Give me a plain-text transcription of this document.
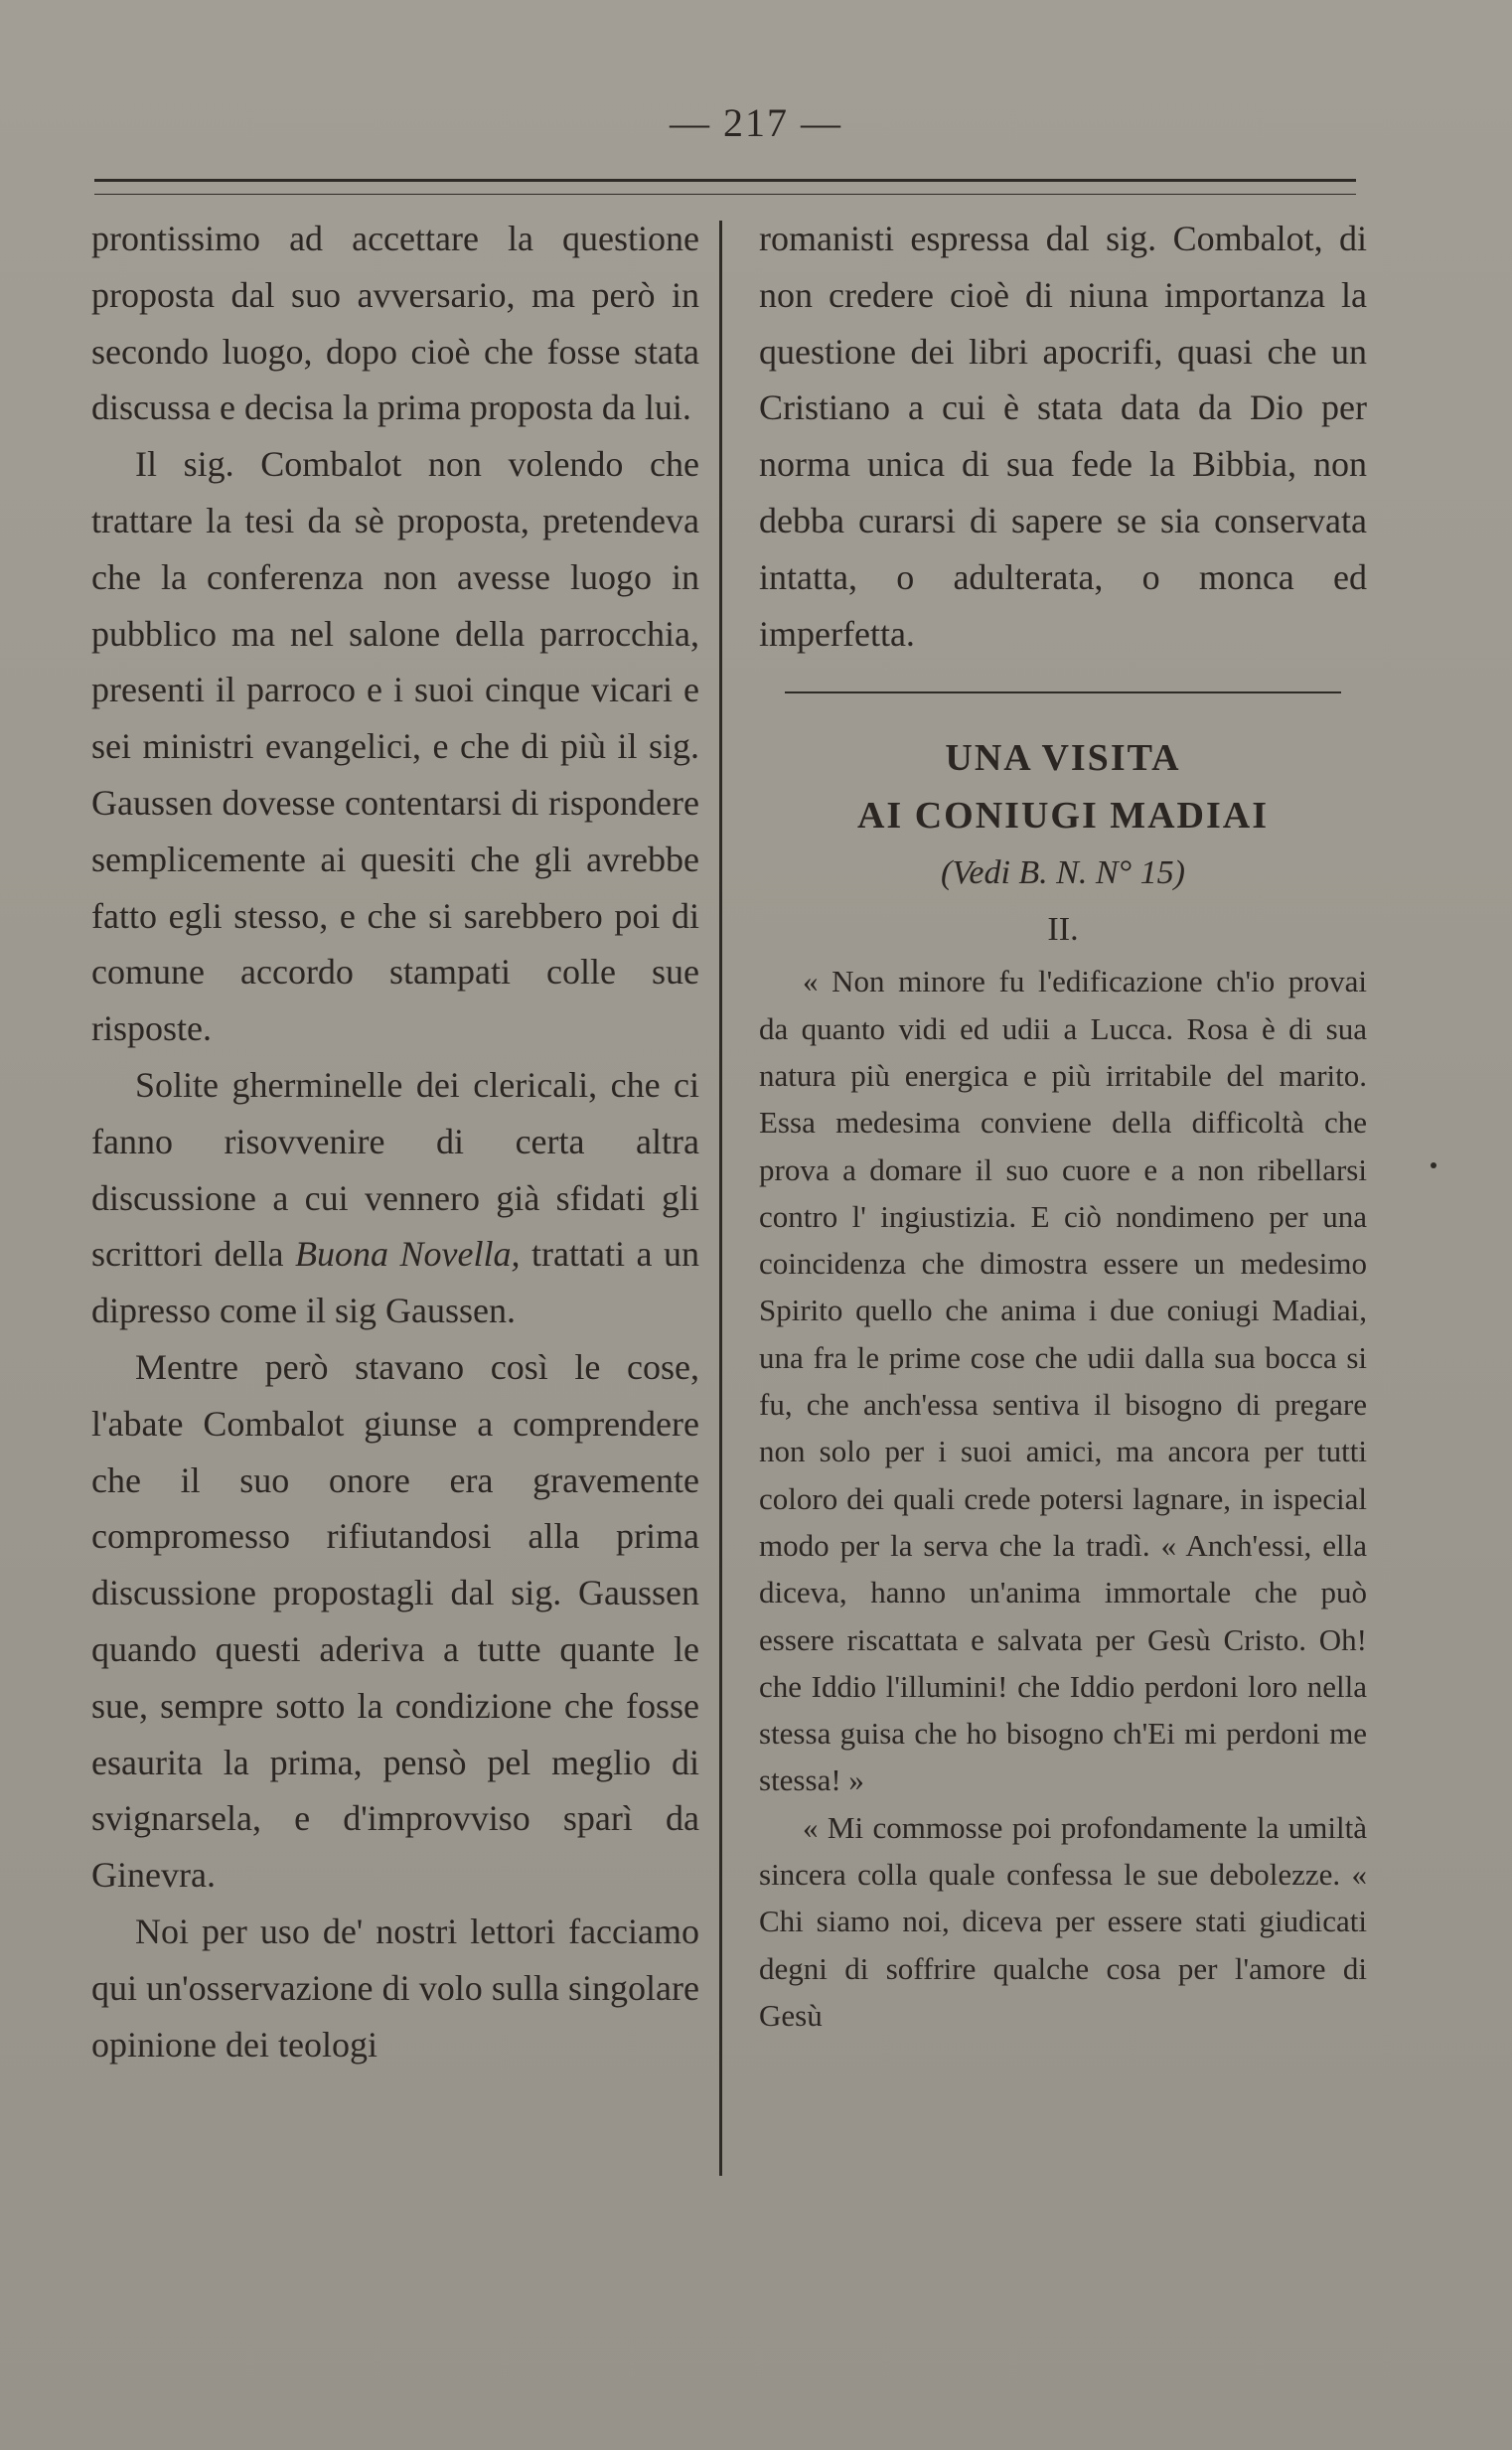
— 217 —

prontissimo ad accettare la questione proposta dal suo avversario, ma però in secondo luogo, dopo cioè che fosse stata discussa e decisa la prima proposta da lui.

Il sig. Combalot non volendo che trattare la tesi da sè proposta, pretendeva che la conferenza non avesse luogo in pubblico ma nel salone della parrocchia, presenti il parroco e i suoi cinque vicari e sei ministri evangelici, e che di più il sig. Gaussen dovesse contentarsi di rispondere semplicemente ai quesiti che gli avrebbe fatto egli stesso, e che si sarebbero poi di comune accordo stampati colle sue risposte.

Solite gherminelle dei clericali, che ci fanno risovvenire di certa altra discussione a cui vennero già sfidati gli scrittori della Buona Novella, trattati a un dipresso come il sig Gaussen.

Mentre però stavano così le cose, l'abate Combalot giunse a comprendere che il suo onore era gravemente compromesso rifiutandosi alla prima discussione propostagli dal sig. Gaussen quando questi aderiva a tutte quante le sue, sempre sotto la condizione che fosse esaurita la prima, pensò pel meglio di svignarsela, e d'improvviso sparì da Ginevra.

Noi per uso de' nostri lettori facciamo qui un'osservazione di volo sulla singolare opinione dei teologi

romanisti espressa dal sig. Combalot, di non credere cioè di niuna importanza la questione dei libri apocrifi, quasi che un Cristiano a cui è stata data da Dio per norma unica di sua fede la Bibbia, non debba curarsi di sapere se sia conservata intatta, o adulterata, o monca ed imperfetta.

UNA VISITA
AI CONIUGI MADIAI
(Vedi B. N. N° 15)
II.

« Non minore fu l'edificazione ch'io provai da quanto vidi ed udii a Lucca. Rosa è di sua natura più energica e più irritabile del marito. Essa medesima conviene della difficoltà che prova a domare il suo cuore e a non ribellarsi contro l' ingiustizia. E ciò nondimeno per una coincidenza che dimostra essere un medesimo Spirito quello che anima i due coniugi Madiai, una fra le prime cose che udii dalla sua bocca si fu, che anch'essa sentiva il bisogno di pregare non solo per i suoi amici, ma ancora per tutti coloro dei quali crede potersi lagnare, in ispecial modo per la serva che la tradì. « Anch'essi, ella diceva, hanno un'anima immortale che può essere riscattata e salvata per Gesù Cristo. Oh! che Iddio l'illumini! che Iddio perdoni loro nella stessa guisa che ho bisogno ch'Ei mi perdoni me stessa! »

« Mi commosse poi profondamente la umiltà sincera colla quale confessa le sue debolezze. « Chi siamo noi, diceva per essere stati giudicati degni di soffrire qualche cosa per l'amore di Gesù
